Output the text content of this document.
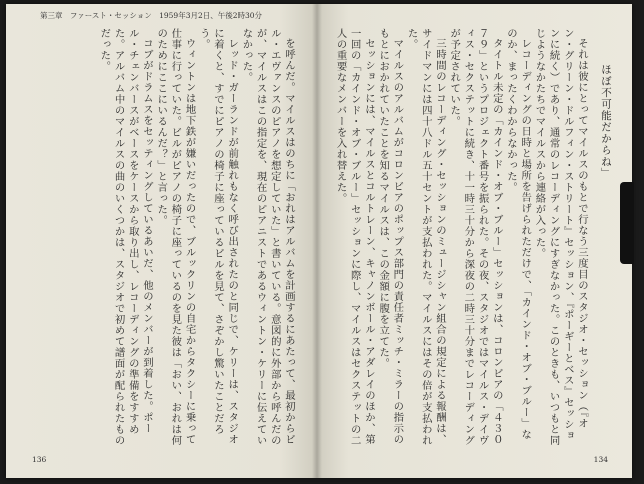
第三章 ファースト・セッション 1959年3月2日、午後2時30分

を呼んだ。マイルスはのちに「おれはアルバムを計画するにあたって、最初からビル・エヴァンスのピアノを想定していた」と書いている。意図的に外部から呼んだのが、マイルスはこの指定を、現在のピアニストであるウィントン・ケリーに伝えていなかった。

レッド・ガーランドが前触れもなく呼び出されたのと同じで、ケリーは、スタジオに着くと、すでにピアノの椅子に座っているビルを見て、さぞかし驚いたことだろう。

ウィントンは地下鉄が嫌いだったので、ブルックリンの自宅からタクシーに乗って仕事に行っていた。ビルがピアノの椅子に座っているのを見た彼は「おい、おれは何のためにここにいるんだ？」と言った。

コブがドラムスをセッティングしているあいだ、他のメンバーが到着した。ポール・チェンバースがベースをケースから取り出し、レコーディングの準備をすすめた。アルバム中のマイルスの曲のいくつかは、スタジオで初めて譜面が配られたものだった。

136
ほぼ不可能だからね」

それは彼にとってマイルスのもとで行なう三度目のスタジオ・セッション（『オン・グリーン・ドルフィン・ストリート』セッション、『ポーギーとベス』セッションに続く）であり、通常のレコーディングにすぎなかった。このときも、いつもと同じようなかたちでマイルスから連絡が入った。

レコーディングの日時と場所を告げられただけで、「カインド・オブ・ブルー」なのか、まったくわからなかった。

タイトル未定の「カインド・オブ・ブルー」セッションは、コロンビアの「４３０７９」というプロジェクト番号を振られた。その夜、スタジオではマイルス・デイヴィス・セクステットに続き、十一時三十分から深夜の二時三十分までレコーディングが予定されていた。

三時間のレコーディング・セッションのミュージシャン組合の規定による報酬は、サイドマンには四十八ドル五十セントが支払われた。マイルスにはその倍が支払われた。

マイルスのアルバムがコロンビアのポップス部門の責任者ミッチ・ミラーの指示のもとにおかれていたことを知るマイルスは、この金額に腹を立てた。

セッションには、マイルスとコルトレーン、キャノンボール・アダレイのほか、第一回の「カインド・オブ・ブルー」セッションに際し、マイルスはセクステットの二人の重要なメンバーを入れ替えた。

134
